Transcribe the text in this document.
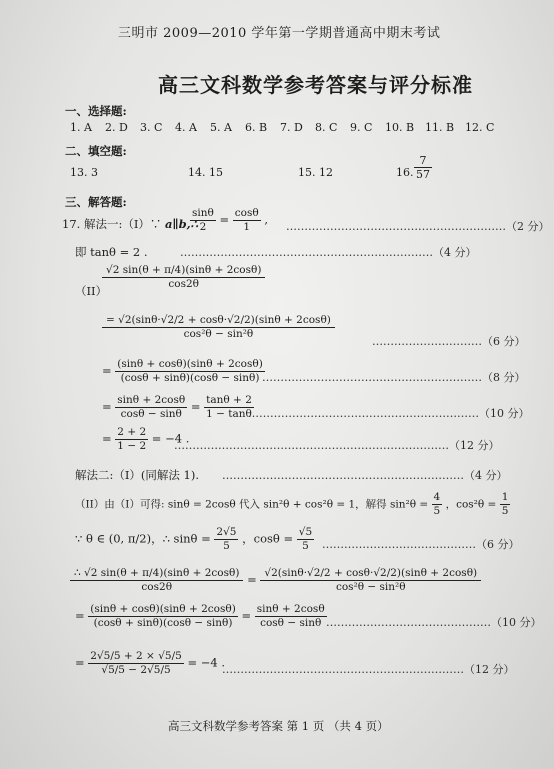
三明市 2009—2010 学年第一学期普通高中期末考试
高三文科数学参考答案与评分标准
一、选择题:
1. A 2. D 3. C 4. A 5. A 6. B 7. D 8. C 9. C 10. B 11. B 12. C
二、填空题:
13. 3	14. 15	15. 12	16. $\frac{7}{57}$
三、解答题:
17. 解法一:（I）∵ a∥b,∴
$\frac{\sin\theta}{2} = \frac{\cos\theta}{1}$ , ……………………………………………………（2 分）
即 tanθ = 2 .	……………………………………………………………（4 分）
（II）
$\frac{√2 \sin(\theta + \pi/4)(\sin\theta + 2\cos\theta)}{\cos 2\theta}$
$\frac{= √2(\sin\theta\cdot√2/2 + \cos\theta\cdot√2/2)(\sin\theta + 2\cos\theta)}{\text{cos²θ − sin²θ}}$
…………………………（6 分）
= $\frac{(\sin\theta + \cos\theta)(\sin\theta + 2\cos\theta)}{(\cos\theta + \sin\theta)(\cos\theta - \sin\theta)}$
……………………………………………………（8 分）
= $\frac{\sin\theta + 2\cos\theta}{\cos\theta - \sin\theta} = \frac{\tan\theta + 2}{1 - \tan\theta}$
………………………………………………………（10 分）
= $\frac{2 + 2}{1 - 2} = -4$ .
…………………………………………………………………（12 分）
解法二:（I）(同解法 1). …………………………………………………………（4 分）
（II）由（I）可得: sinθ = 2cosθ 代入 sin²θ + cos²θ = 1，解得 $\sin^2\theta = \frac{4}{5}$ ，$\cos^2\theta = \frac{1}{5}$
∵ θ ∈ (0, π/2)，∴ $\sin\theta = \frac{2√5}{5}$ ，$\cos\theta = \frac{√5}{5}$ ……………………………………（6 分）
$\frac{\therefore √2 \sin(\theta + \pi/4)(\sin\theta + 2\cos\theta)}{\cos 2\theta} = \frac{√2(\sin\theta\cdot√2/2 + \cos\theta\cdot√2/2)(\sin\theta + 2\cos\theta)}{\text{cos²θ − sin²θ}}$
= $\frac{(\sin\theta + \cos\theta)(\sin\theta + 2\cos\theta)}{(\cos\theta + \sin\theta)(\cos\theta - \sin\theta)} = \frac{\sin\theta + 2\cos\theta}{\cos\theta - \sin\theta}$ ………………………………………（10 分）
= $\frac{2√5/5 + 2 \times √5/5}{√5/5 - 2√5/5} = -4$ .
…………………………………………………………（12 分）
高三文科数学参考答案 第 1 页 （共 4 页）
